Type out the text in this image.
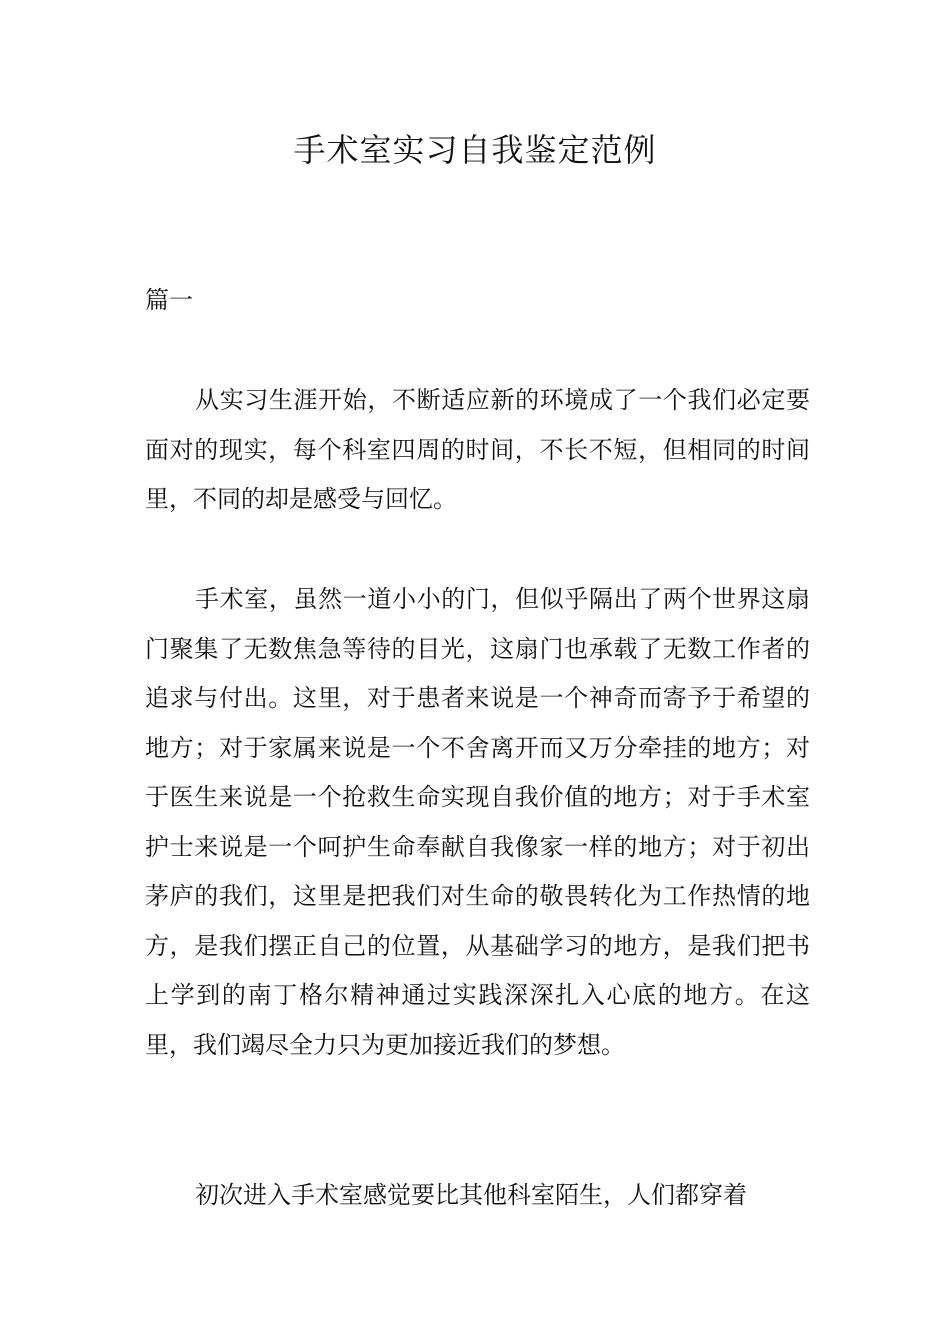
手术室实习自我鉴定范例
篇一

从实习生涯开始，不断适应新的环境成了一个我们必定要面对的现实，每个科室四周的时间，不长不短，但相同的时间里，不同的却是感受与回忆。

手术室，虽然一道小小的门，但似乎隔出了两个世界这扇门聚集了无数焦急等待的目光，这扇门也承载了无数工作者的追求与付出。这里，对于患者来说是一个神奇而寄予于希望的地方；对于家属来说是一个不舍离开而又万分牵挂的地方；对于医生来说是一个抢救生命实现自我价值的地方；对于手术室护士来说是一个呵护生命奉献自我像家一样的地方；对于初出茅庐的我们，这里是把我们对生命的敬畏转化为工作热情的地方，是我们摆正自己的位置，从基础学习的地方，是我们把书上学到的南丁格尔精神通过实践深深扎入心底的地方。在这里，我们竭尽全力只为更加接近我们的梦想。

初次进入手术室感觉要比其他科室陌生，人们都穿着
